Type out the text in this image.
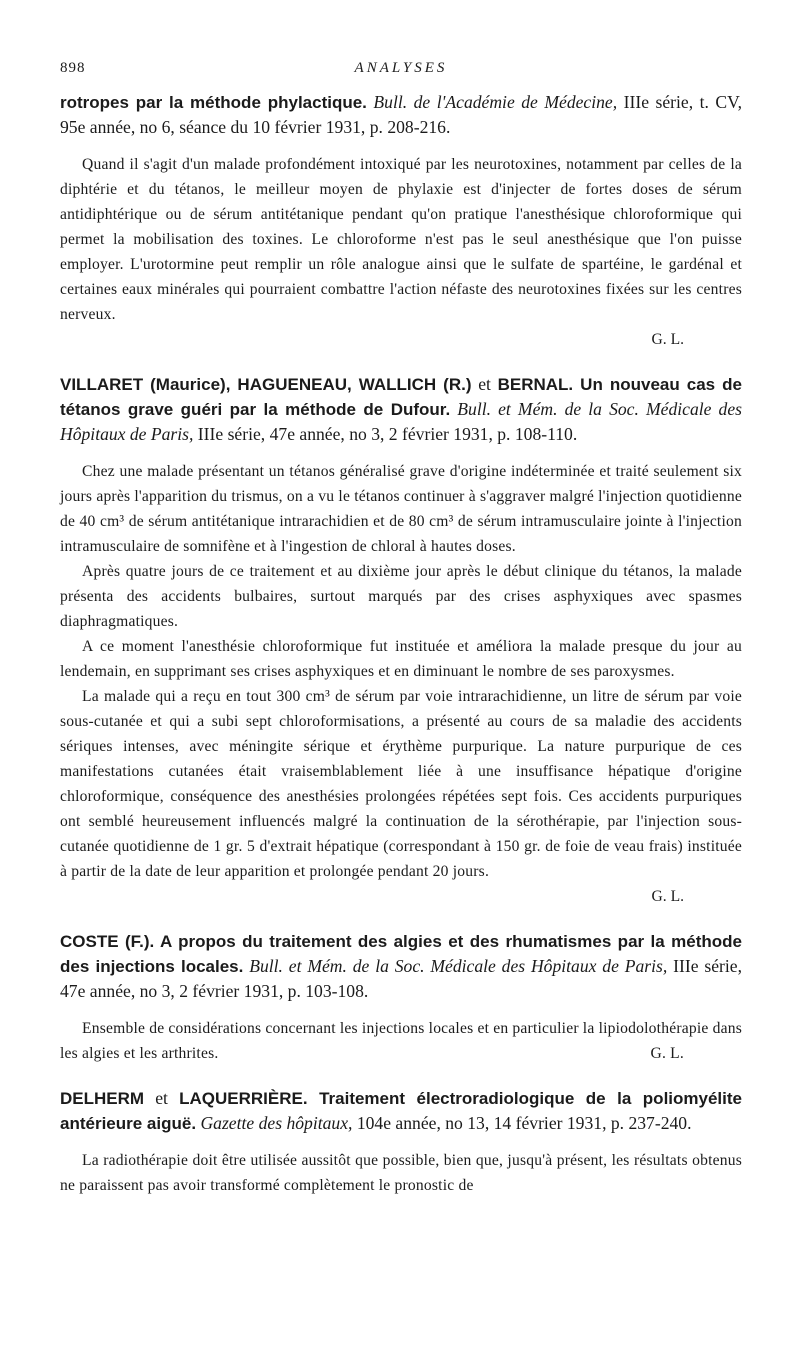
898	ANALYSES

rotropes par la méthode phylactique. Bull. de l'Académie de Médecine, IIIe série, t. CV, 95e année, no 6, séance du 10 février 1931, p. 208-216.

Quand il s'agit d'un malade profondément intoxiqué par les neurotoxines, notamment par celles de la diphtérie et du tétanos, le meilleur moyen de phylaxie est d'injecter de fortes doses de sérum antidiphtérique ou de sérum antitétanique pendant qu'on pratique l'anesthésique chloroformique qui permet la mobilisation des toxines. Le chloroforme n'est pas le seul anesthésique que l'on puisse employer. L'urotormine peut remplir un rôle analogue ainsi que le sulfate de spartéine, le gardénal et certaines eaux minérales qui pourraient combattre l'action néfaste des neurotoxines fixées sur les centres nerveux.

G. L.

VILLARET (Maurice), HAGUENEAU, WALLICH (R.) et BERNAL. Un nouveau cas de tétanos grave guéri par la méthode de Dufour. Bull. et Mém. de la Soc. Médicale des Hôpitaux de Paris, IIIe série, 47e année, no 3, 2 février 1931, p. 108-110.

Chez une malade présentant un tétanos généralisé grave d'origine indéterminée et traité seulement six jours après l'apparition du trismus, on a vu le tétanos continuer à s'aggraver malgré l'injection quotidienne de 40 cm³ de sérum antitétanique intrarachidien et de 80 cm³ de sérum intramusculaire jointe à l'injection intramusculaire de somnifène et à l'ingestion de chloral à hautes doses.

Après quatre jours de ce traitement et au dixième jour après le début clinique du tétanos, la malade présenta des accidents bulbaires, surtout marqués par des crises asphyxiques avec spasmes diaphragmatiques.

A ce moment l'anesthésie chloroformique fut instituée et améliora la malade presque du jour au lendemain, en supprimant ses crises asphyxiques et en diminuant le nombre de ses paroxysmes.

La malade qui a reçu en tout 300 cm³ de sérum par voie intrarachidienne, un litre de sérum par voie sous-cutanée et qui a subi sept chloroformisations, a présenté au cours de sa maladie des accidents sériques intenses, avec méningite sérique et érythème purpurique. La nature purpurique de ces manifestations cutanées était vraisemblablement liée à une insuffisance hépatique d'origine chloroformique, conséquence des anesthésies prolongées répétées sept fois. Ces accidents purpuriques ont semblé heureusement influencés malgré la continuation de la sérothérapie, par l'injection sous-cutanée quotidienne de 1 gr. 5 d'extrait hépatique (correspondant à 150 gr. de foie de veau frais) instituée à partir de la date de leur apparition et prolongée pendant 20 jours.

G. L.

COSTE (F.). A propos du traitement des algies et des rhumatismes par la méthode des injections locales. Bull. et Mém. de la Soc. Médicale des Hôpitaux de Paris, IIIe série, 47e année, no 3, 2 février 1931, p. 103-108.

Ensemble de considérations concernant les injections locales et en particulier la lipiodolothérapie dans les algies et les arthrites.	G. L.

DELHERM et LAQUERRIÈRE. Traitement électroradiologique de la poliomyélite antérieure aiguë. Gazette des hôpitaux, 104e année, no 13, 14 février 1931, p. 237-240.

La radiothérapie doit être utilisée aussitôt que possible, bien que, jusqu'à présent, les résultats obtenus ne paraissent pas avoir transformé complètement le pronostic de
